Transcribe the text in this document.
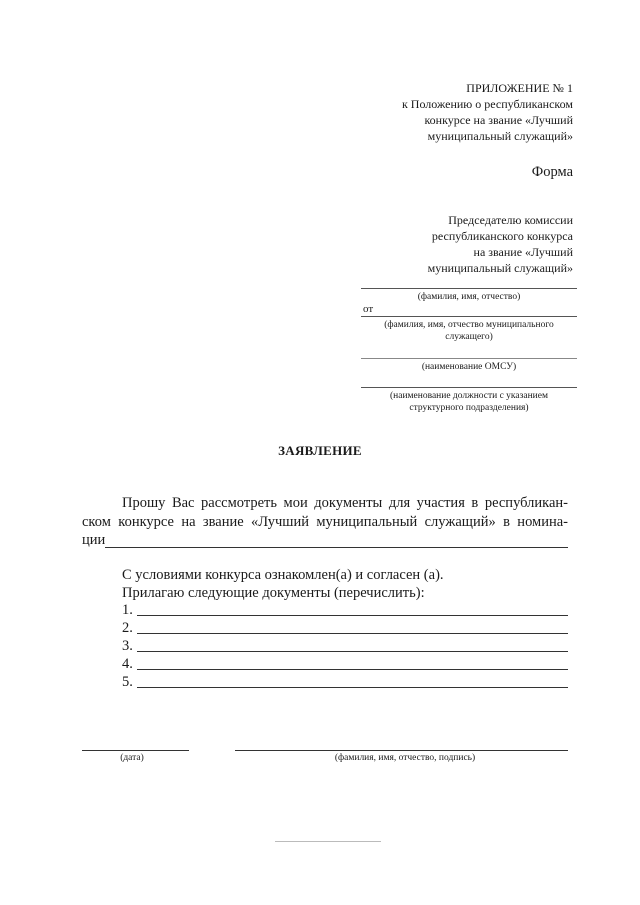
ПРИЛОЖЕНИЕ № 1
к Положению о республиканском
конкурсе на звание «Лучший
муниципальный служащий»
Форма
Председателю комиссии
республиканского конкурса
на звание «Лучший
муниципальный служащий»
(фамилия, имя, отчество)
от
(фамилия, имя, отчество муниципального
служащего)
(наименование ОМСУ)
(наименование должности с указанием
структурного подразделения)
ЗАЯВЛЕНИЕ
Прошу Вас рассмотреть мои документы для участия в республикан-
ском конкурсе на звание «Лучший муниципальный служащий» в номина-
ции
С условиями конкурса ознакомлен(а) и согласен (а).
Прилагаю следующие документы (перечислить):
1.
2.
3.
4.
5.
(дата)	(фамилия, имя, отчество, подпись)
